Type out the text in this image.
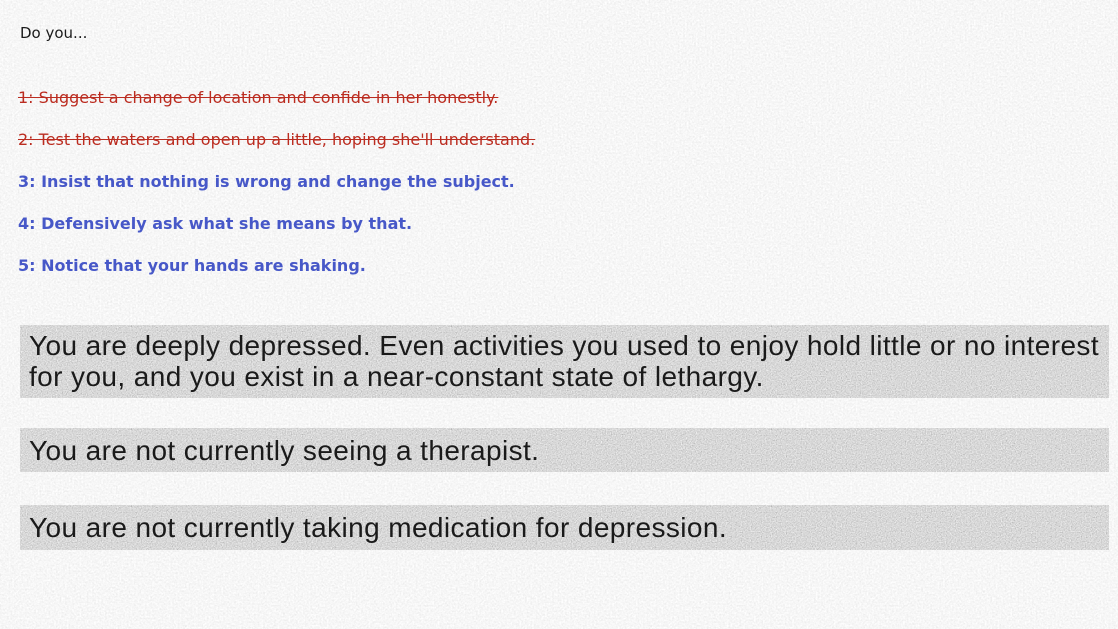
Do you...
1: Suggest a change of location and confide in her honestly.
2: Test the waters and open up a little, hoping she'll understand.
3: Insist that nothing is wrong and change the subject.
4: Defensively ask what she means by that.
5: Notice that your hands are shaking.
You are deeply depressed. Even activities you used to enjoy hold little or no interest for you, and you exist in a near-constant state of lethargy.
You are not currently seeing a therapist.
You are not currently taking medication for depression.
